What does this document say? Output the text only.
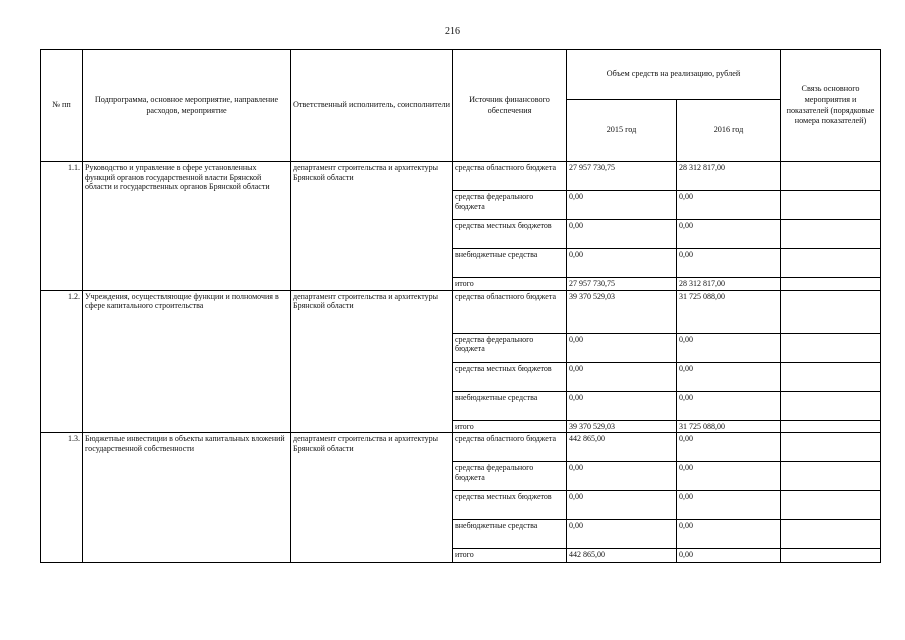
216
№ пп	Подпрограмма, основное мероприятие, направление расходов, мероприятие	Ответственный исполнитель, соисполнители	Источник финансового обеспечения	Объем средств на реализацию, рублей		Связь основного мероприятия и показателей (порядковые номера показателей)
				2015 год	2016 год	
1.1.	Руководство и управление в сфере установленных функций органов государственной власти Брянской области и государственных органов Брянской области	департамент строительства и архитектуры Брянской области	средства областного бюджета	27 957 730,75	28 312 817,00	
			средства федерального бюджета	0,00	0,00	
			средства местных бюджетов	0,00	0,00	
			внебюджетные средства	0,00	0,00	
			итого	27 957 730,75	28 312 817,00	
1.2.	Учреждения, осуществляющие функции и полномочия в сфере капитального строительства	департамент строительства и архитектуры Брянской области	средства областного бюджета	39 370 529,03	31 725 088,00	
			средства федерального бюджета	0,00	0,00	
			средства местных бюджетов	0,00	0,00	
			внебюджетные средства	0,00	0,00	
			итого	39 370 529,03	31 725 088,00	
1.3.	Бюджетные инвестиции в объекты капитальных вложений государственной собственности	департамент строительства и архитектуры Брянской области	средства областного бюджета	442 865,00	0,00	
			средства федерального бюджета	0,00	0,00	
			средства местных бюджетов	0,00	0,00	
			внебюджетные средства	0,00	0,00	
			итого	442 865,00	0,00	
